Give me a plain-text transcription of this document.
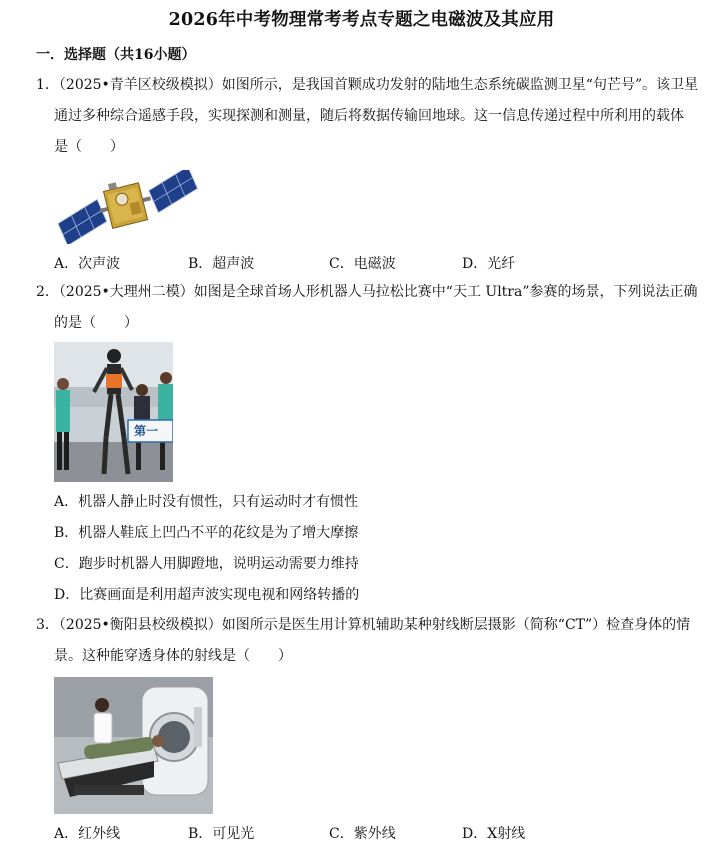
2026年中考物理常考考点专题之电磁波及其应用
一．选择题（共16小题）
1．（2025•青羊区校级模拟）如图所示，是我国首颗成功发射的陆地生态系统碳监测卫星“句芒号”。该卫星
通过多种综合遥感手段，实现探测和测量，随后将数据传输回地球。这一信息传递过程中所利用的载体
是（　　）
A．次声波	B．超声波	C．电磁波	D．光纤
2．（2025•大理州二模）如图是全球首场人形机器人马拉松比赛中“天工 Ultra”参赛的场景，下列说法正确
的是（　　）
第一
A．机器人静止时没有惯性，只有运动时才有惯性
B．机器人鞋底上凹凸不平的花纹是为了增大摩擦
C．跑步时机器人用脚蹬地，说明运动需要力维持
D．比赛画面是利用超声波实现电视和网络转播的
3．（2025•衡阳县校级模拟）如图所示是医生用计算机辅助某种射线断层摄影（简称“CT”）检查身体的情
景。这种能穿透身体的射线是（　　）
A．红外线	B．可见光	C．紫外线	D．X射线
